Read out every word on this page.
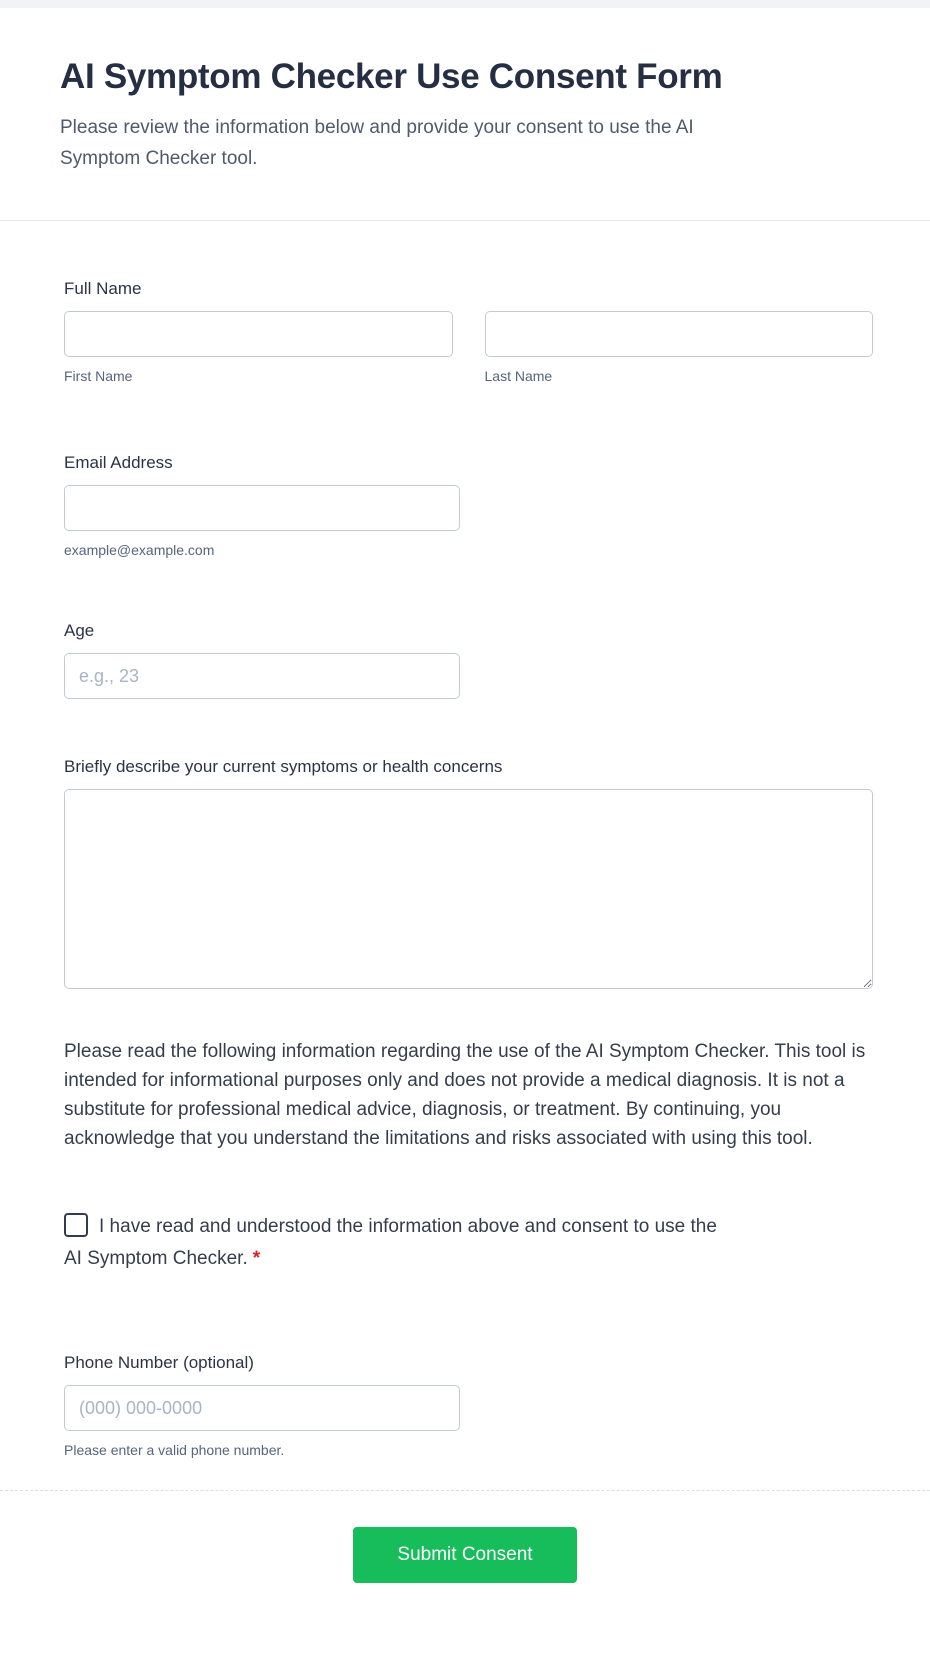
AI Symptom Checker Use Consent Form

Please review the information below and provide your consent to use the AI Symptom Checker tool.

Full Name
First Name	Last Name
Email Address
example@example.com
Age
e.g., 23
Briefly describe your current symptoms or health concerns

Please read the following information regarding the use of the AI Symptom Checker. This tool is intended for informational purposes only and does not provide a medical diagnosis. It is not a substitute for professional medical advice, diagnosis, or treatment. By continuing, you acknowledge that you understand the limitations and risks associated with using this tool.

I have read and understood the information above and consent to use the AI Symptom Checker. *
Phone Number (optional)
(000) 000-0000
Please enter a valid phone number.
Submit Consent
